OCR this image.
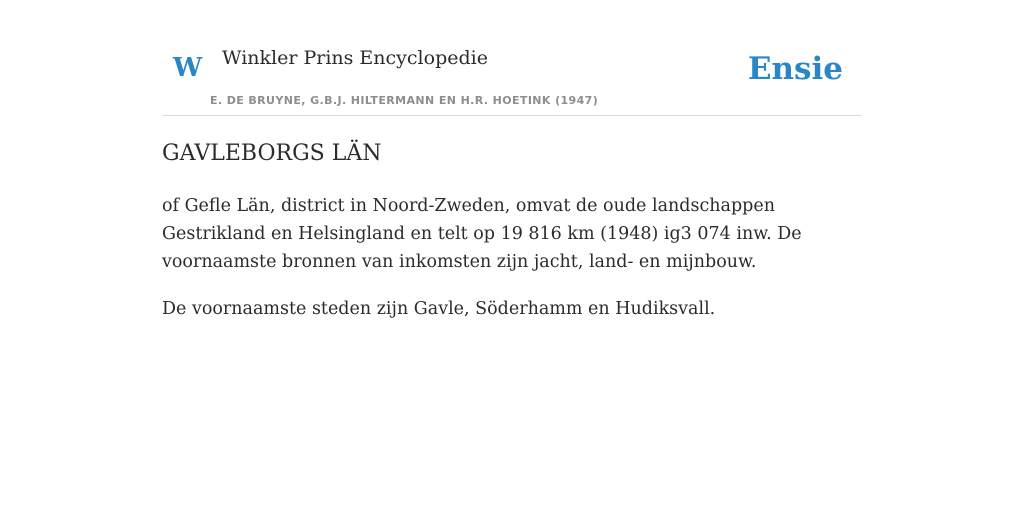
W Winkler Prins Encyclopedie
E. DE BRUYNE, G.B.J. HILTERMANN EN H.R. HOETINK (1947)
Ensie
GAVLEBORGS LÄN

of Gefle Län, district in Noord-Zweden, omvat de oude landschappen Gestrikland en Helsingland en telt op 19 816 km (1948) ig3 074 inw. De voornaamste bronnen van inkomsten zijn jacht, land- en mijnbouw.

De voornaamste steden zijn Gavle, Söderhamm en Hudiksvall.
